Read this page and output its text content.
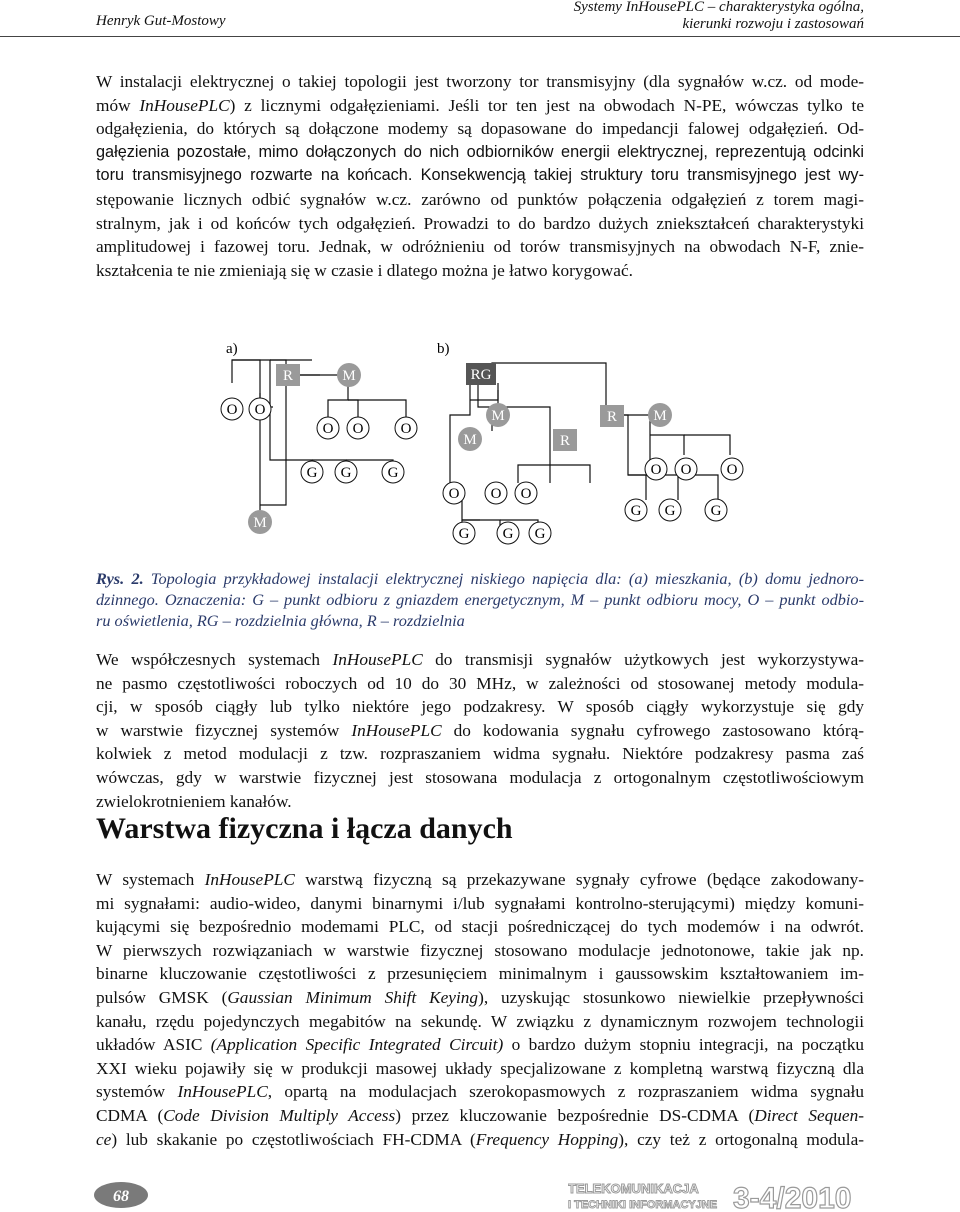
Henryk Gut-Mostowy
Systemy InHousePLC – charakterystyka ogólna,
kierunki rozwoju i zastosowań
W instalacji elektrycznej o takiej topologii jest tworzony tor transmisyjny (dla sygnałów w.cz. od mode-
mów InHousePLC) z licznymi odgałęzieniami. Jeśli tor ten jest na obwodach N-PE, wówczas tylko te
odgałęzienia, do których są dołączone modemy są dopasowane do impedancji falowej odgałęzień. Od-
gałęzienia pozostałe, mimo dołączonych do nich odbiorników energii elektrycznej, reprezentują odcinki
toru transmisyjnego rozwarte na końcach. Konsekwencją takiej struktury toru transmisyjnego jest wy-
stępowanie licznych odbić sygnałów w.cz. zarówno od punktów połączenia odgałęzień z torem magi-
stralnym, jak i od końców tych odgałęzień. Prowadzi to do bardzo dużych zniekształceń charakterystyki
amplitudowej i fazowej toru. Jednak, w odróżnieniu od torów transmisyjnych na obwodach N-F, znie-
kształcenia te nie zmieniają się w czasie i dlatego można je łatwo korygować.
a)	b)
R	M
O O
O O O
G G G
M
RG
M
M	R
R M
O O O
O O O
G G G
G G G
Rys. 2. Topologia przykładowej instalacji elektrycznej niskiego napięcia dla: (a) mieszkania, (b) domu jednoro-
dzinnego. Oznaczenia: G – punkt odbioru z gniazdem energetycznym, M – punkt odbioru mocy, O – punkt odbio-
ru oświetlenia, RG – rozdzielnia główna, R – rozdzielnia
We współczesnych systemach InHousePLC do transmisji sygnałów użytkowych jest wykorzystywa-
ne pasmo częstotliwości roboczych od 10 do 30 MHz, w zależności od stosowanej metody modula-
cji, w sposób ciągły lub tylko niektóre jego podzakresy. W sposób ciągły wykorzystuje się gdy
w warstwie fizycznej systemów InHousePLC do kodowania sygnału cyfrowego zastosowano którą-
kolwiek z metod modulacji z tzw. rozpraszaniem widma sygnału. Niektóre podzakresy pasma zaś
wówczas, gdy w warstwie fizycznej jest stosowana modulacja z ortogonalnym częstotliwościowym
zwielokrotnieniem kanałów.
Warstwa fizyczna i łącza danych
W systemach InHousePLC warstwą fizyczną są przekazywane sygnały cyfrowe (będące zakodowany-
mi sygnałami: audio-wideo, danymi binarnymi i/lub sygnałami kontrolno-sterującymi) między komuni-
kującymi się bezpośrednio modemami PLC, od stacji pośredniczącej do tych modemów i na odwrót.
W pierwszych rozwiązaniach w warstwie fizycznej stosowano modulacje jednotonowe, takie jak np.
binarne kluczowanie częstotliwości z przesunięciem minimalnym i gaussowskim kształtowaniem im-
pulsów GMSK (Gaussian Minimum Shift Keying), uzyskując stosunkowo niewielkie przepływności
kanału, rzędu pojedynczych megabitów na sekundę. W związku z dynamicznym rozwojem technologii
układów ASIC (Application Specific Integrated Circuit) o bardzo dużym stopniu integracji, na początku
XXI wieku pojawiły się w produkcji masowej układy specjalizowane z kompletną warstwą fizyczną dla
systemów InHousePLC, opartą na modulacjach szerokopasmowych z rozpraszaniem widma sygnału
CDMA (Code Division Multiply Access) przez kluczowanie bezpośrednie DS-CDMA (Direct Sequen-
ce) lub skakanie po częstotliwościach FH-CDMA (Frequency Hopping), czy też z ortogonalną modula-
68	TELEKOMUNIKACJA
I TECHNIKI INFORMACYJNE 3-4/2010
